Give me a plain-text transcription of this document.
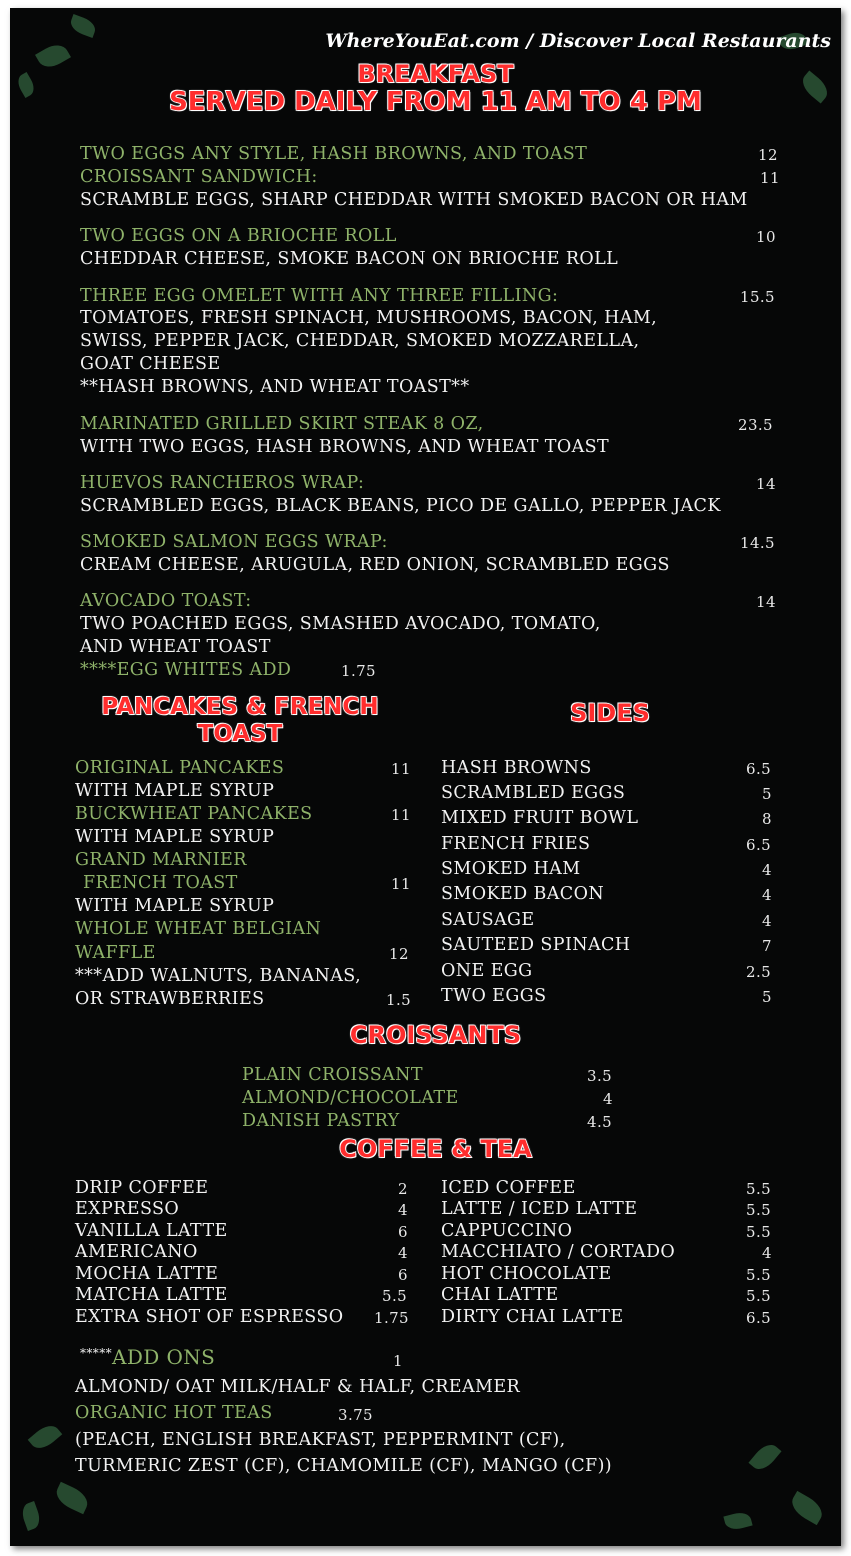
WhereYouEat.com / Discover Local Restaurants
BREAKFAST
SERVED DAILY FROM 11 AM TO 4 PM
TWO EGGS ANY STYLE, HASH BROWNS, AND TOAST	12
CROISSANT SANDWICH:	11
SCRAMBLE EGGS, SHARP CHEDDAR WITH SMOKED BACON OR HAM
TWO EGGS ON A BRIOCHE ROLL	10
CHEDDAR CHEESE, SMOKE BACON ON BRIOCHE ROLL
THREE EGG OMELET WITH ANY THREE FILLING:	15.5
TOMATOES, FRESH SPINACH, MUSHROOMS, BACON, HAM,
SWISS, PEPPER JACK, CHEDDAR, SMOKED MOZZARELLA,
GOAT CHEESE
**HASH BROWNS, AND WHEAT TOAST**
MARINATED GRILLED SKIRT STEAK 8 OZ,	23.5
WITH TWO EGGS, HASH BROWNS, AND WHEAT TOAST
HUEVOS RANCHEROS WRAP:	14
SCRAMBLED EGGS, BLACK BEANS, PICO DE GALLO, PEPPER JACK
SMOKED SALMON EGGS WRAP:	14.5
CREAM CHEESE, ARUGULA, RED ONION, SCRAMBLED EGGS
AVOCADO TOAST:	14
TWO POACHED EGGS, SMASHED AVOCADO, TOMATO,
AND WHEAT TOAST
****EGG WHITES ADD	1.75
PANCAKES & FRENCH
TOAST
SIDES
ORIGINAL PANCAKES	11
WITH MAPLE SYRUP
BUCKWHEAT PANCAKES	11
WITH MAPLE SYRUP
GRAND MARNIER
FRENCH TOAST	11
WITH MAPLE SYRUP
WHOLE WHEAT BELGIAN
WAFFLE	12
***ADD WALNUTS, BANANAS,
OR STRAWBERRIES	1.5
HASH BROWNS	6.5
SCRAMBLED EGGS	5
MIXED FRUIT BOWL	8
FRENCH FRIES	6.5
SMOKED HAM	4
SMOKED BACON	4
SAUSAGE	4
SAUTEED SPINACH	7
ONE EGG	2.5
TWO EGGS	5
CROISSANTS
PLAIN CROISSANT	3.5
ALMOND/CHOCOLATE	4
DANISH PASTRY	4.5
COFFEE & TEA
DRIP COFFEE	2
EXPRESSO	4
VANILLA LATTE	6
AMERICANO	4
MOCHA LATTE	6
MATCHA LATTE	5.5
EXTRA SHOT OF ESPRESSO 1.75
ICED COFFEE	5.5
LATTE / ICED LATTE	5.5
CAPPUCCINO	5.5
MACCHIATO / CORTADO	4
HOT CHOCOLATE	5.5
CHAI LATTE	5.5
DIRTY CHAI LATTE	6.5
*****ADD ONS	1
ALMOND/ OAT MILK/HALF & HALF, CREAMER
ORGANIC HOT TEAS	3.75
(PEACH, ENGLISH BREAKFAST, PEPPERMINT (CF),
TURMERIC ZEST (CF), CHAMOMILE (CF), MANGO (CF))
